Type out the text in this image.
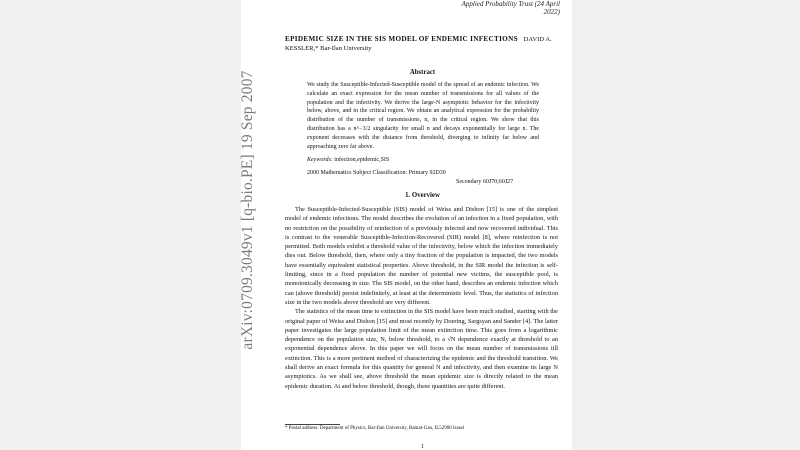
arXiv:0709.3049v1 [q-bio.PE] 19 Sep 2007
Applied Probability Trust (24 April 2022)
EPIDEMIC SIZE IN THE SIS MODEL OF ENDEMIC INFECTIONS DAVID A. KESSLER,* Bar-Ilan University
Abstract
We study the Susceptible-Infected-Susceptible model of the spread of an endemic infection. We calculate an exact expression for the mean number of transmissions for all values of the population and the infectivity. We derive the large-N asymptotic behavior for the infectivity below, above, and in the critical region. We obtain an analytical expression for the probability distribution of the number of transmissions, n, in the critical region. We show that this distribution has a n^−3/2 singularity for small n and decays exponentially for large n. The exponent decreases with the distance from threshold, diverging to infinity far below and approaching zero far above.
Keywords: infection,epidemic,SIS
2000 Mathematics Subject Classification: Primary 92D30
Secondary 60J70;60J27
1. Overview

The Susceptible-Infected-Susceptible (SIS) model of Weiss and Dishon [15] is one of the simplest model of endemic infections. The model describes the evolution of an infection in a fixed population, with no restriction on the possibility of reinfection of a previously infected and now recovered individual. This is contrast to the venerable Susceptible-Infection-Recovered (SIR) model [8], where reinfection is not permitted. Both models exhibit a threshold value of the infectivity, below which the infection immediately dies out. Below threshold, then, where only a tiny fraction of the population is impacted, the two models have essentially equivalent statistical properties. Above threshold, in the SIR model the infection is self-limiting, since in a fixed population the number of potential new victims, the susceptible pool, is monotonically decreasing in size. The SIS model, on the other hand, describes an endemic infection which can (above threshold) persist indefinitely, at least at the deterministic level. Thus, the statistics of infection size in the two models above threshold are very different.

The statistics of the mean time to extinction in the SIS model have been much studied, starting with the original paper of Weiss and Dishon [15] and most recently by Doering, Sargsyan and Sander [4]. The latter paper investigates the large population limit of the mean extinction time. This goes from a logarithmic dependence on the population size, N, below threshold, to a √N dependence exactly at threshold to an exponential dependence above. In this paper we will focus on the mean number of transmissions till extinction. This is a more pertinent method of characterizing the epidemic and the threshold transition. We shall derive an exact formula for this quantity for general N and infectivity, and then examine its large N asymptotics. As we shall see, above threshold the mean epidemic size is directly related to the mean epidemic duration. At and below threshold, though, these quantities are quite different.

* Postal address: Department of Physics, Bar-Ilan University, Ramat-Gan, IL52900 Israel
1
